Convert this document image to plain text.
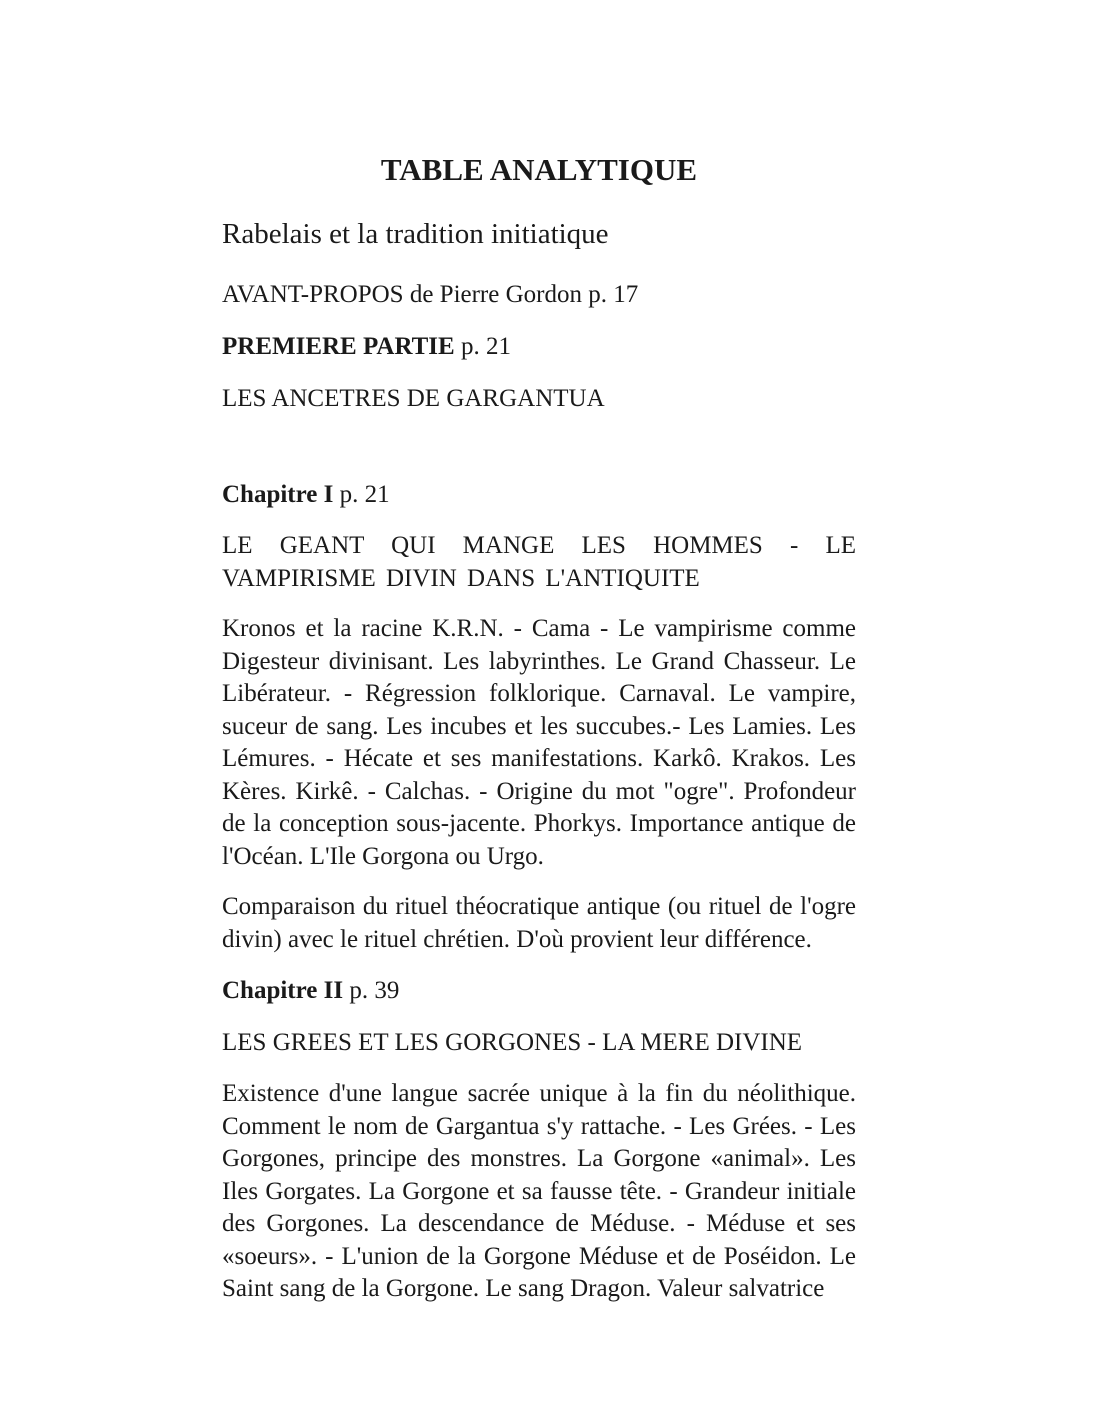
TABLE ANALYTIQUE
Rabelais et la tradition initiatique
AVANT-PROPOS de Pierre Gordon p. 17
PREMIERE PARTIE p. 21
LES ANCETRES DE GARGANTUA
Chapitre I p. 21
LE GEANT QUI MANGE LES HOMMES - LE VAMPIRISME DIVIN DANS L'ANTIQUITE
Kronos et la racine K.R.N. - Cama - Le vampirisme comme Digesteur divinisant. Les labyrinthes. Le Grand Chasseur. Le Libérateur. - Régression folklorique. Carnaval. Le vampire, suceur de sang. Les incubes et les succubes.- Les Lamies. Les Lémures. - Hécate et ses manifestations. Karkô. Krakos. Les Kères. Kirkê. - Calchas. - Origine du mot "ogre". Profondeur de la conception sous-jacente. Phorkys. Importance antique de l'Océan. L'Ile Gorgona ou Urgo.
Comparaison du rituel théocratique antique (ou rituel de l'ogre divin) avec le rituel chrétien. D'où provient leur différence.
Chapitre II p. 39
LES GREES ET LES GORGONES - LA MERE DIVINE
Existence d'une langue sacrée unique à la fin du néolithique. Comment le nom de Gargantua s'y rattache. - Les Grées. - Les Gorgones, principe des monstres. La Gorgone «animal». Les Iles Gorgates. La Gorgone et sa fausse tête. - Grandeur initiale des Gorgones. La descendance de Méduse. - Méduse et ses «soeurs». - L'union de la Gorgone Méduse et de Poséidon. Le Saint sang de la Gorgone. Le sang Dragon. Valeur salvatrice
